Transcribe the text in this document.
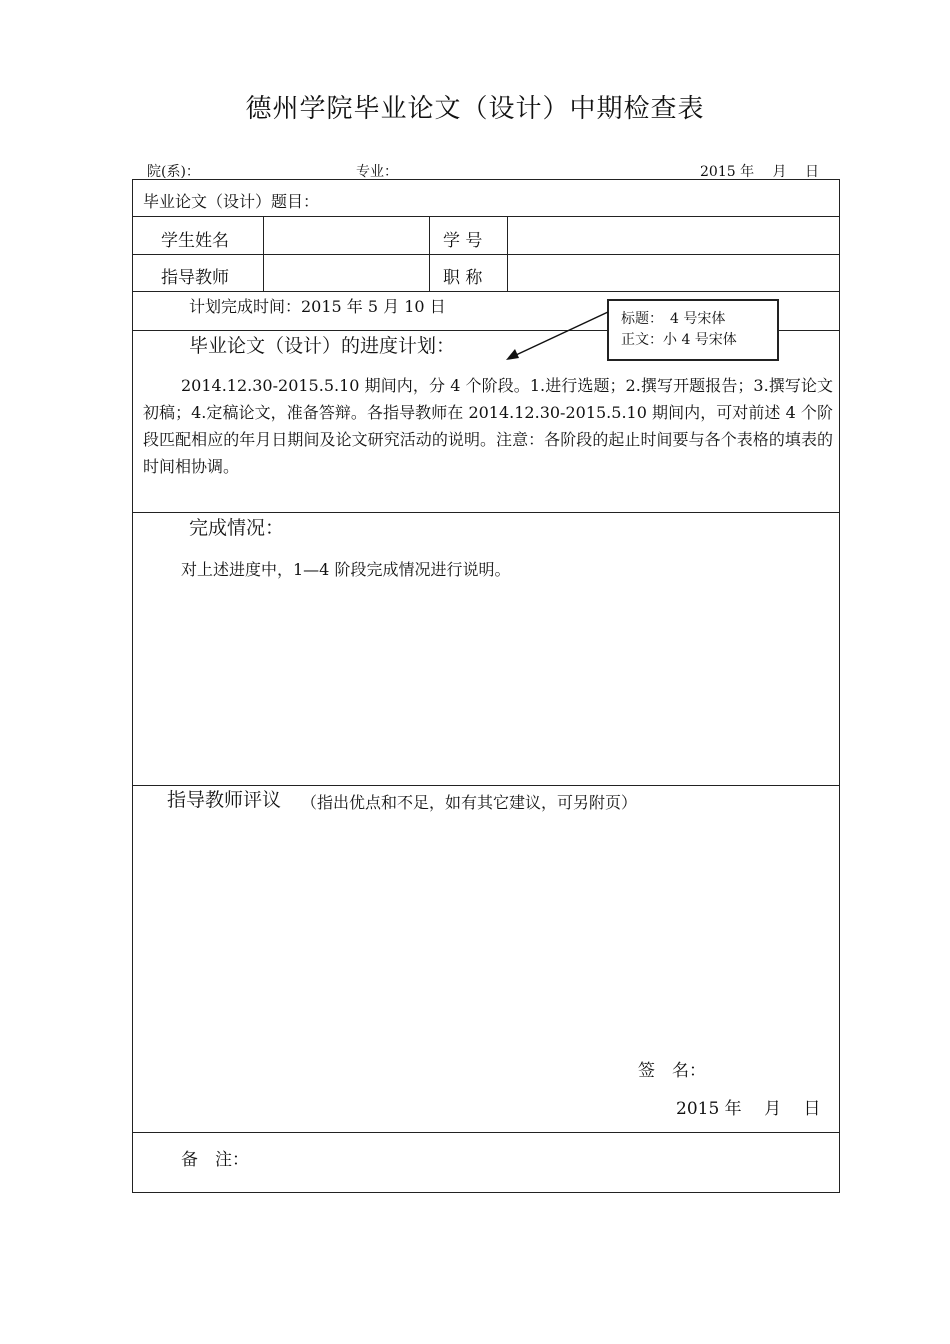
德州学院毕业论文（设计）中期检查表
院(系)：	专业：	2015 年　 月　 日
毕业论文（设计）题目：
学生姓名	学 号
指导教师	职 称
计划完成时间：2015 年 5 月 10 日
毕业论文（设计）的进度计划：
2014.12.30-2015.5.10 期间内，分 4 个阶段。1.进行选题；2.撰写开题报告；3.撰写论文初稿；4.定稿论文，准备答辩。各指导教师在 2014.12.30-2015.5.10 期间内，可对前述 4 个阶段匹配相应的年月日期间及论文研究活动的说明。注意：各阶段的起止时间要与各个表格的填表的时间相协调。
完成情况：
对上述进度中，1—4 阶段完成情况进行说明。
指导教师评议 （指出优点和不足，如有其它建议，可另附页）
签　名：
2015 年　 月　 日
备　注：
标题：　4 号宋体
正文：小 4 号宋体
